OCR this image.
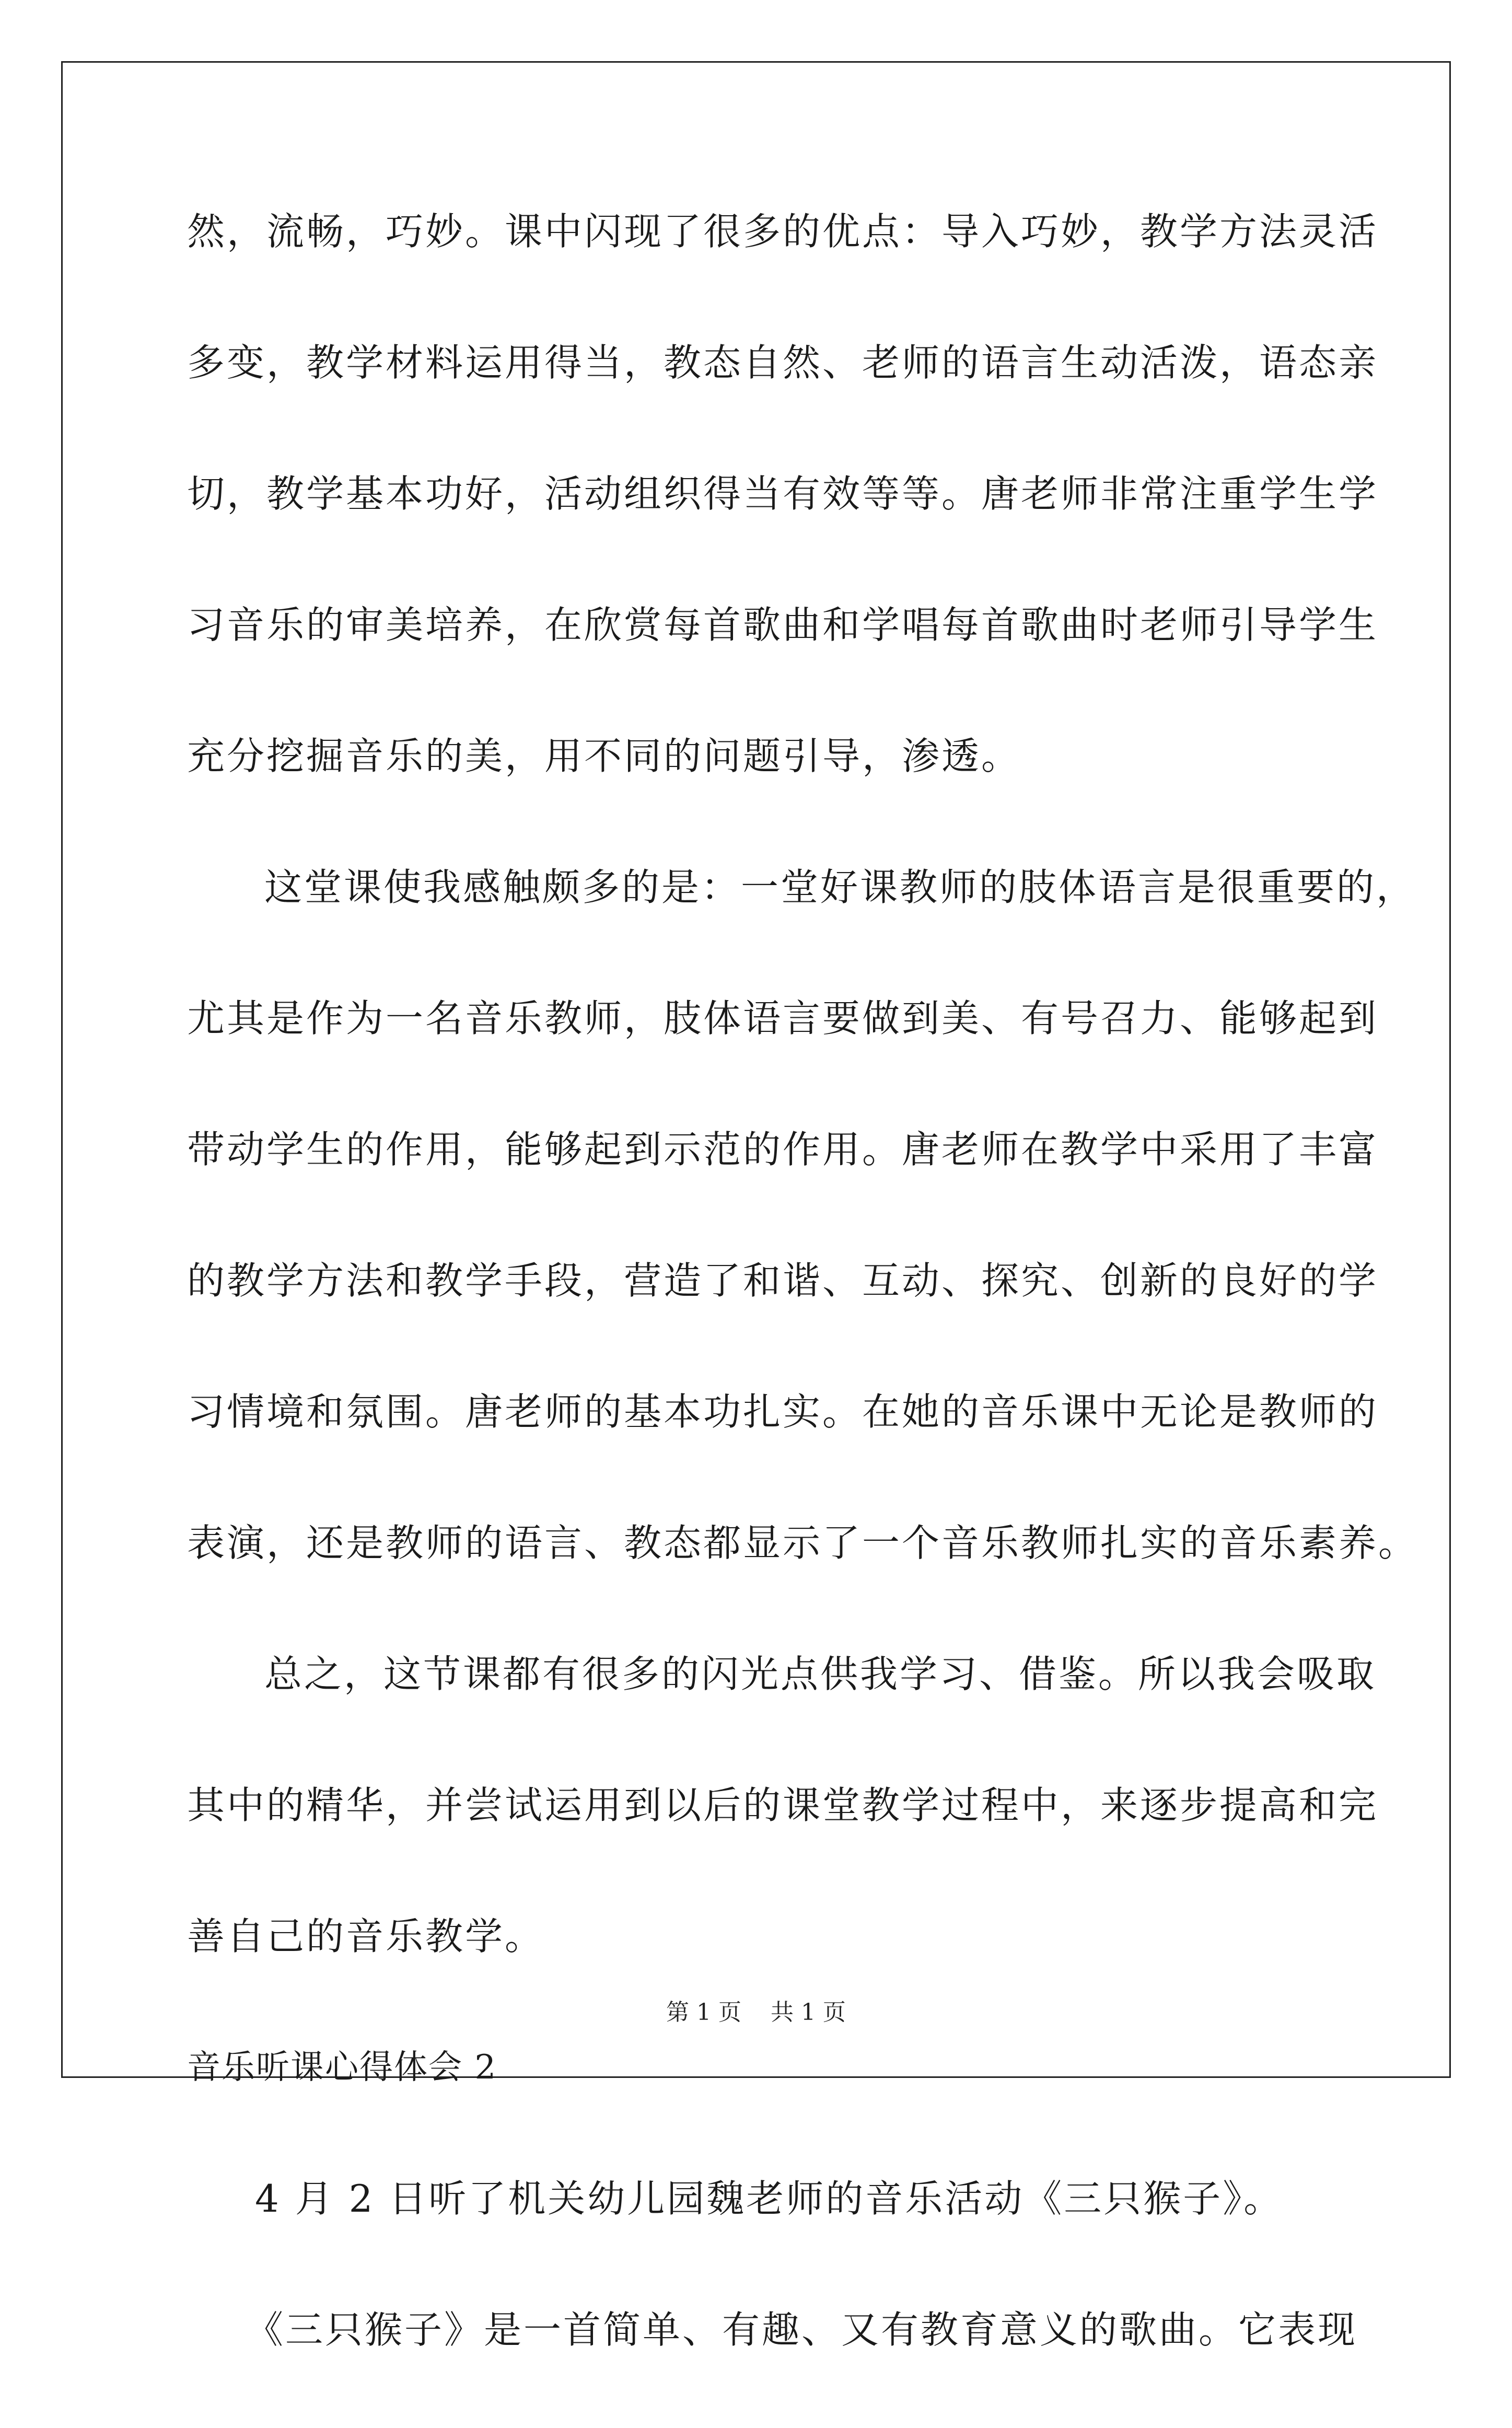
然，流畅，巧妙。课中闪现了很多的优点：导入巧妙，教学方法灵活
多变，教学材料运用得当，教态自然、老师的语言生动活泼，语态亲
切，教学基本功好，活动组织得当有效等等。唐老师非常注重学生学
习音乐的审美培养，在欣赏每首歌曲和学唱每首歌曲时老师引导学生
充分挖掘音乐的美，用不同的问题引导，渗透。
这堂课使我感触颇多的是：一堂好课教师的肢体语言是很重要的，
尤其是作为一名音乐教师，肢体语言要做到美、有号召力、能够起到
带动学生的作用，能够起到示范的作用。唐老师在教学中采用了丰富
的教学方法和教学手段，营造了和谐、互动、探究、创新的良好的学
习情境和氛围。唐老师的基本功扎实。在她的音乐课中无论是教师的
表演，还是教师的语言、教态都显示了一个音乐教师扎实的音乐素养。
总之，这节课都有很多的闪光点供我学习、借鉴。所以我会吸取
其中的精华，并尝试运用到以后的课堂教学过程中，来逐步提高和完
善自己的音乐教学。
音乐听课心得体会 2
4 月 2 日听了机关幼儿园魏老师的音乐活动《三只猴子》。
《三只猴子》是一首简单、有趣、又有教育意义的歌曲。它表现
第 1 页    共 1 页
